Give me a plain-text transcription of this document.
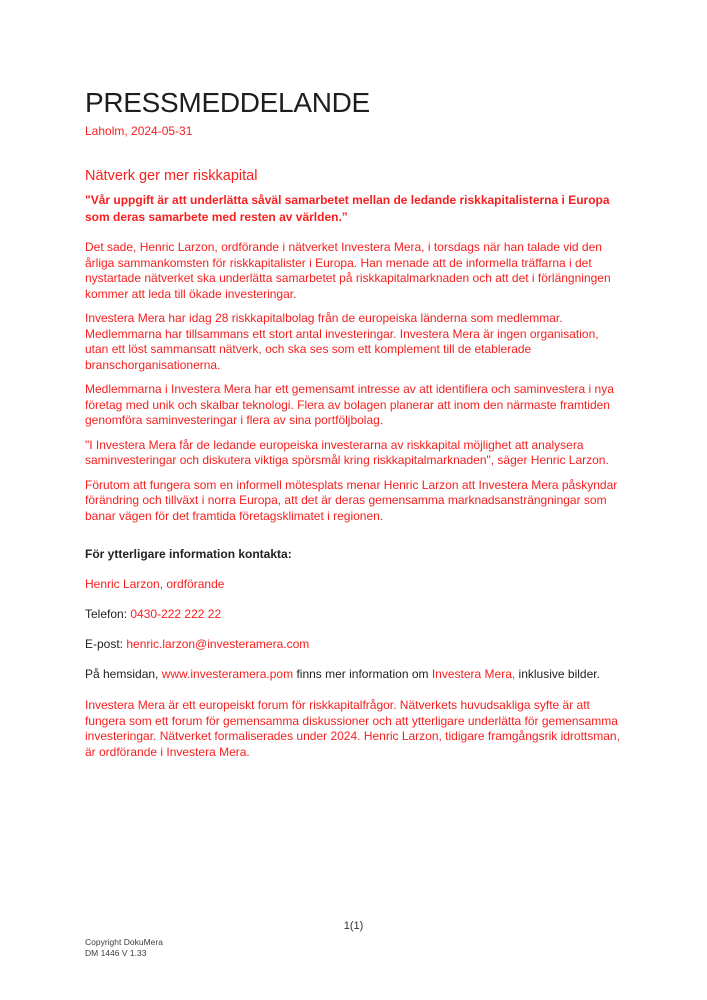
PRESSMEDDELANDE
Laholm, 2024-05-31
Nätverk ger mer riskkapital

"Vår uppgift är att underlätta såväl samarbetet mellan de ledande riskkapitalisterna i Europa som deras samarbete med resten av världen.”

Det sade, Henric Larzon, ordförande i nätverket Investera Mera, i torsdags när han talade vid den årliga sammankomsten för riskkapitalister i Europa. Han menade att de informella träffarna i det nystartade nätverket ska underlätta samarbetet på riskkapitalmarknaden och att det i förlängningen kommer att leda till ökade investeringar.

Investera Mera har idag 28 riskkapitalbolag från de europeiska länderna som medlemmar. Medlemmarna har tillsammans ett stort antal investeringar. Investera Mera är ingen organisation, utan ett löst sammansatt nätverk, och ska ses som ett komplement till de etablerade branschorganisationerna.

Medlemmarna i Investera Mera har ett gemensamt intresse av att identifiera och saminvestera i nya företag med unik och skalbar teknologi. Flera av bolagen planerar att inom den närmaste framtiden genomföra saminvesteringar i flera av sina portföljbolag.

"I Investera Mera får de ledande europeiska investerarna av riskkapital möjlighet att analysera saminvesteringar och diskutera viktiga spörsmål kring riskkapitalmarknaden", säger Henric Larzon.

Förutom att fungera som en informell mötesplats menar Henric Larzon att Investera Mera påskyndar förändring och tillväxt i norra Europa, att det är deras gemensamma marknadsansträngningar som banar vägen för det framtida företagsklimatet i regionen.

För ytterligare information kontakta:

Henric Larzon, ordförande

Telefon: 0430-222 222 22

E-post: henric.larzon@investeramera.com

På hemsidan, www.investeramera.pom finns mer information om Investera Mera, inklusive bilder.

Investera Mera är ett europeiskt forum för riskkapitalfrågor. Nätverkets huvudsakliga syfte är att fungera som ett forum för gemensamma diskussioner och att ytterligare underlätta för gemensamma investeringar. Nätverket formaliserades under 2024. Henric Larzon, tidigare framgångsrik idrottsman, är ordförande i Investera Mera.

1(1)
Copyright DokuMera
DM 1446 V 1.33
